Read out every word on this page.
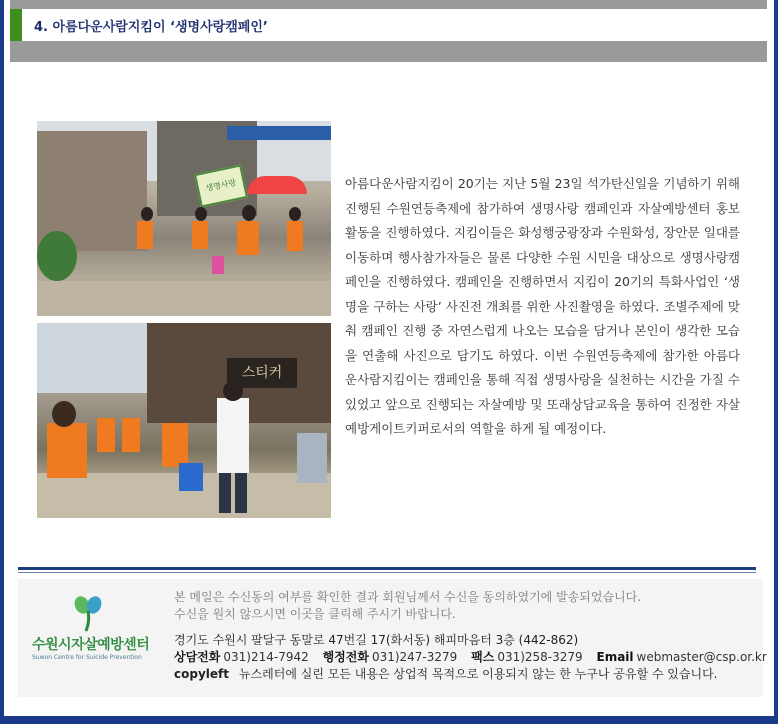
4. 아름다운사람지킴이 ‘생명사랑캠페인’
생명사랑
스티커
아름다운사람지킴이 20기는 지난 5월 23일 석가탄신일을 기념하기 위해 진행된 수원연등축제에 참가하여 생명사랑 캠페인과 자살예방센터 홍보활동을 진행하였다. 지킴이들은 화성행궁광장과 수원화성, 장안문 일대를 이동하며 행사참가자들은 물론 다양한 수원 시민을 대상으로 생명사랑캠페인을 진행하였다. 캠페인을 진행하면서 지킴이 20기의 특화사업인 ‘생명을 구하는 사랑’ 사진전 개최를 위한 사진촬영을 하였다. 조별주제에 맞춰 캠페인 진행 중 자연스럽게 나오는 모습을 담거나 본인이 생각한 모습을 연출해 사진으로 담기도 하였다. 이번 수원연등축제에 참가한 아름다운사람지킴이는 캠페인을 통해 직접 생명사랑을 실천하는 시간을 가질 수 있었고 앞으로 진행되는 자살예방 및 또래상담교육을 통하여 진정한 자살예방게이트키퍼로서의 역할을 하게 될 예정이다.
수원시자살예방센터
Suwon Centre for Suicide Prevention
본 메일은 수신동의 여부를 확인한 결과 회원님께서 수신을 동의하였기에 발송되었습니다.
수신을 원치 않으시면 이곳을 클릭해 주시기 바랍니다.
경기도 수원시 팔달구 동말로 47번길 17(화서동) 해피마음터 3층 (442-862)
상담전화 031)214-7942 행정전화 031)247-3279 팩스 031)258-3279 Email webmaster@csp.or.kr
copyleft 뉴스레터에 실린 모든 내용은 상업적 목적으로 이용되지 않는 한 누구나 공유할 수 있습니다.
